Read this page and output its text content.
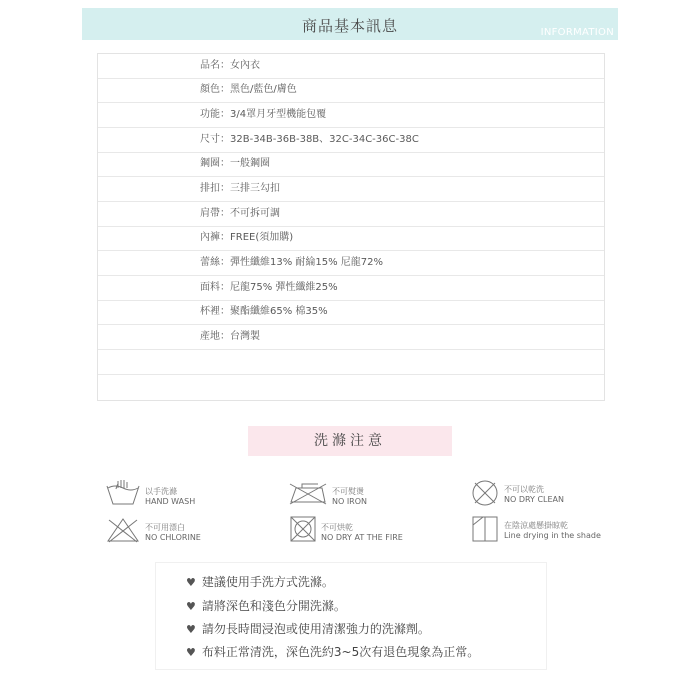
商品基本訊息	INFORMATION
品名：女內衣
顏色：黑色/藍色/膚色
功能：3/4罩月牙型機能包覆
尺寸：32B-34B-36B-38B、32C-34C-36C-38C
鋼圈：一般鋼圈
排扣：三排三勾扣
肩帶：不可拆可調
內褲：FREE(須加購)
蕾絲：彈性纖維13% 耐綸15% 尼龍72%
面料：尼龍75% 彈性纖維25%
杯裡：聚酯纖維65% 棉35%
產地：台灣製
洗滌注意
以手洗滌
HAND WASH
不可熨燙
NO IRON
不可以乾洗
NO DRY CLEAN
不可用漂白
NO CHLORINE
不可烘乾
NO DRY AT THE FIRE
在陰涼處懸掛晾乾
Line drying in the shade
♥ 建議使用手洗方式洗滌。
♥ 請將深色和淺色分開洗滌。
♥ 請勿長時間浸泡或使用清潔強力的洗滌劑。
♥ 布料正常清洗，深色洗約3~5次有退色現象為正常。
